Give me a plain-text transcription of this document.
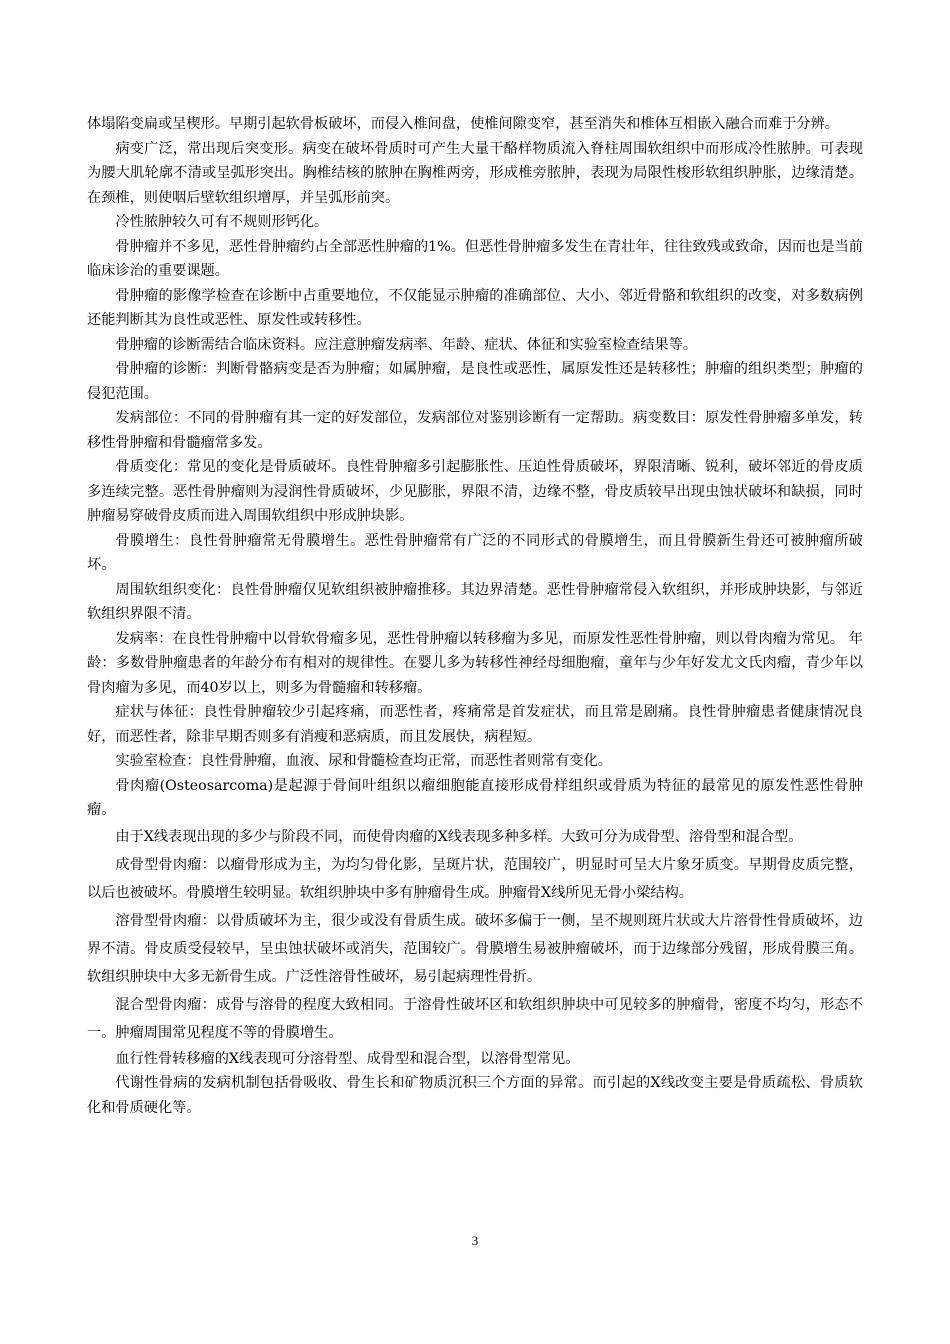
体塌陷变扁或呈楔形。早期引起软骨板破坏，而侵入椎间盘，使椎间隙变窄，甚至消失和椎体互相嵌入融合而难于分辨。

病变广泛，常出现后突变形。病变在破坏骨质时可产生大量干酪样物质流入脊柱周围软组织中而形成冷性脓肿。可表现为腰大肌轮廓不清或呈弧形突出。胸椎结核的脓肿在胸椎两旁，形成椎旁脓肿，表现为局限性梭形软组织肿胀，边缘清楚。在颈椎，则使咽后壁软组织增厚，并呈弧形前突。

冷性脓肿较久可有不规则形钙化。

骨肿瘤并不多见，恶性骨肿瘤约占全部恶性肿瘤的1%。但恶性骨肿瘤多发生在青壮年，往往致残或致命，因而也是当前临床诊治的重要课题。

骨肿瘤的影像学检查在诊断中占重要地位，不仅能显示肿瘤的准确部位、大小、邻近骨骼和软组织的改变，对多数病例还能判断其为良性或恶性、原发性或转移性。

骨肿瘤的诊断需结合临床资料。应注意肿瘤发病率、年龄、症状、体征和实验室检查结果等。

骨肿瘤的诊断：判断骨骼病变是否为肿瘤；如属肿瘤，是良性或恶性，属原发性还是转移性；肿瘤的组织类型；肿瘤的侵犯范围。

发病部位：不同的骨肿瘤有其一定的好发部位，发病部位对鉴别诊断有一定帮助。病变数目：原发性骨肿瘤多单发，转移性骨肿瘤和骨髓瘤常多发。

骨质变化：常见的变化是骨质破坏。良性骨肿瘤多引起膨胀性、压迫性骨质破坏，界限清晰、锐利，破坏邻近的骨皮质多连续完整。恶性骨肿瘤则为浸润性骨质破坏，少见膨胀，界限不清，边缘不整，骨皮质较早出现虫蚀状破坏和缺损，同时肿瘤易穿破骨皮质而进入周围软组织中形成肿块影。

骨膜增生：良性骨肿瘤常无骨膜增生。恶性骨肿瘤常有广泛的不同形式的骨膜增生，而且骨膜新生骨还可被肿瘤所破坏。

周围软组织变化：良性骨肿瘤仅见软组织被肿瘤推移。其边界清楚。恶性骨肿瘤常侵入软组织，并形成肿块影，与邻近软组织界限不清。

发病率：在良性骨肿瘤中以骨软骨瘤多见，恶性骨肿瘤以转移瘤为多见，而原发性恶性骨肿瘤，则以骨肉瘤为常见。 年龄：多数骨肿瘤患者的年龄分布有相对的规律性。在婴儿多为转移性神经母细胞瘤，童年与少年好发尤文氏肉瘤，青少年以骨肉瘤为多见，而40岁以上，则多为骨髓瘤和转移瘤。

症状与体征：良性骨肿瘤较少引起疼痛，而恶性者，疼痛常是首发症状，而且常是剧痛。良性骨肿瘤患者健康情况良好，而恶性者，除非早期否则多有消瘦和恶病质，而且发展快，病程短。

实验室检查：良性骨肿瘤，血液、尿和骨髓检查均正常，而恶性者则常有变化。

骨肉瘤(Osteosarcoma)是起源于骨间叶组织以瘤细胞能直接形成骨样组织或骨质为特征的最常见的原发性恶性骨肿瘤。

由于X线表现出现的多少与阶段不同，而使骨肉瘤的X线表现多种多样。大致可分为成骨型、溶骨型和混合型。

成骨型骨肉瘤：以瘤骨形成为主，为均匀骨化影，呈斑片状，范围较广，明显时可呈大片象牙质变。早期骨皮质完整，以后也被破坏。骨膜增生较明显。软组织肿块中多有肿瘤骨生成。肿瘤骨X线所见无骨小梁结构。

溶骨型骨肉瘤：以骨质破坏为主，很少或没有骨质生成。破坏多偏于一侧，呈不规则斑片状或大片溶骨性骨质破坏，边界不清。骨皮质受侵较早，呈虫蚀状破坏或消失，范围较广。骨膜增生易被肿瘤破坏，而于边缘部分残留，形成骨膜三角。软组织肿块中大多无新骨生成。广泛性溶骨性破坏，易引起病理性骨折。

混合型骨肉瘤：成骨与溶骨的程度大致相同。于溶骨性破坏区和软组织肿块中可见较多的肿瘤骨，密度不均匀，形态不一。肿瘤周围常见程度不等的骨膜增生。

血行性骨转移瘤的X线表现可分溶骨型、成骨型和混合型，以溶骨型常见。

代谢性骨病的发病机制包括骨吸收、骨生长和矿物质沉积三个方面的异常。而引起的X线改变主要是骨质疏松、骨质软化和骨质硬化等。

3
